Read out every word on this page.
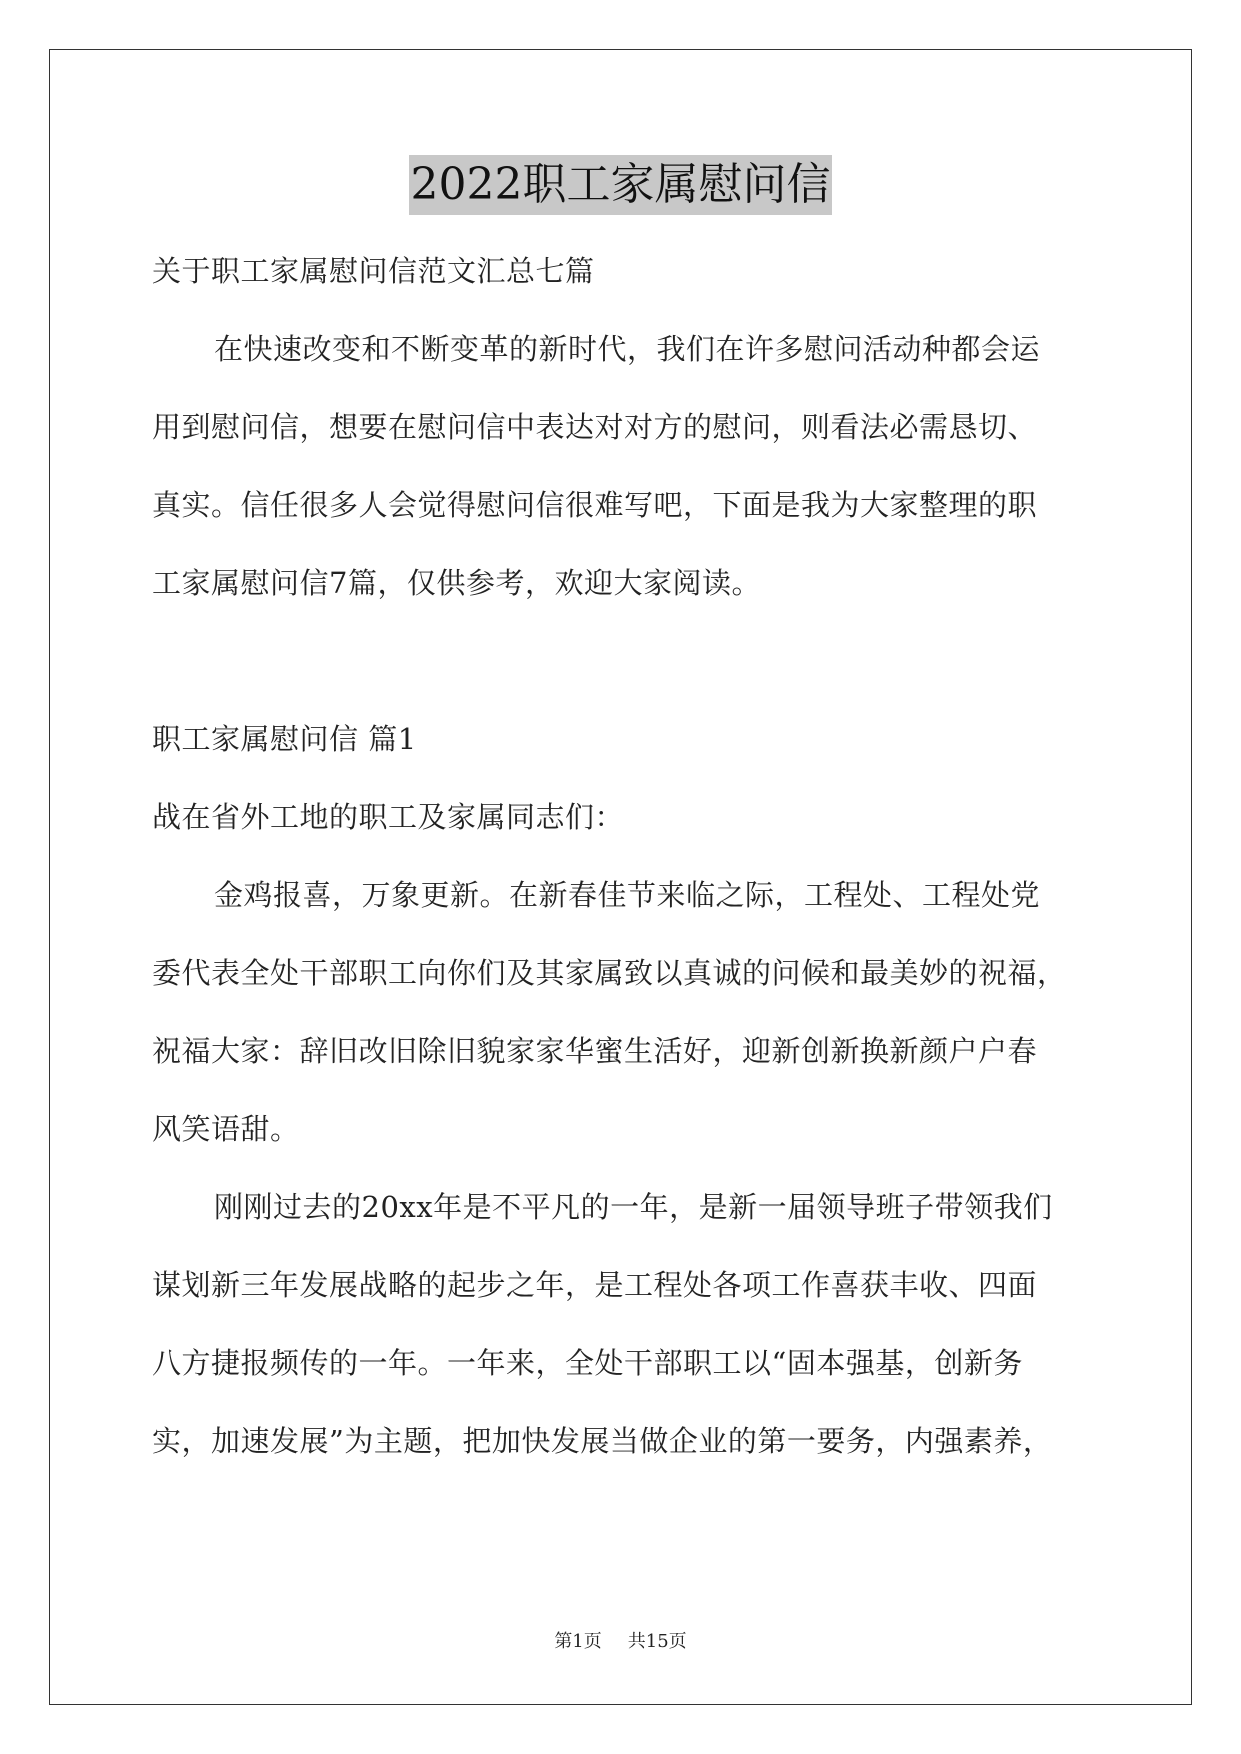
2022职工家属慰问信
关于职工家属慰问信范文汇总七篇
在快速改变和不断变革的新时代，我们在许多慰问活动种都会运
用到慰问信，想要在慰问信中表达对对方的慰问，则看法必需恳切、
真实。信任很多人会觉得慰问信很难写吧，下面是我为大家整理的职
工家属慰问信7篇，仅供参考，欢迎大家阅读。
职工家属慰问信 篇1
战在省外工地的职工及家属同志们：
金鸡报喜，万象更新。在新春佳节来临之际，工程处、工程处党
委代表全处干部职工向你们及其家属致以真诚的问候和最美妙的祝福，
祝福大家：辞旧改旧除旧貌家家华蜜生活好，迎新创新换新颜户户春
风笑语甜。
刚刚过去的20xx年是不平凡的一年，是新一届领导班子带领我们
谋划新三年发展战略的起步之年，是工程处各项工作喜获丰收、四面
八方捷报频传的一年。一年来，全处干部职工以“固本强基，创新务
实，加速发展”为主题，把加快发展当做企业的第一要务，内强素养，
第1页 共15页
